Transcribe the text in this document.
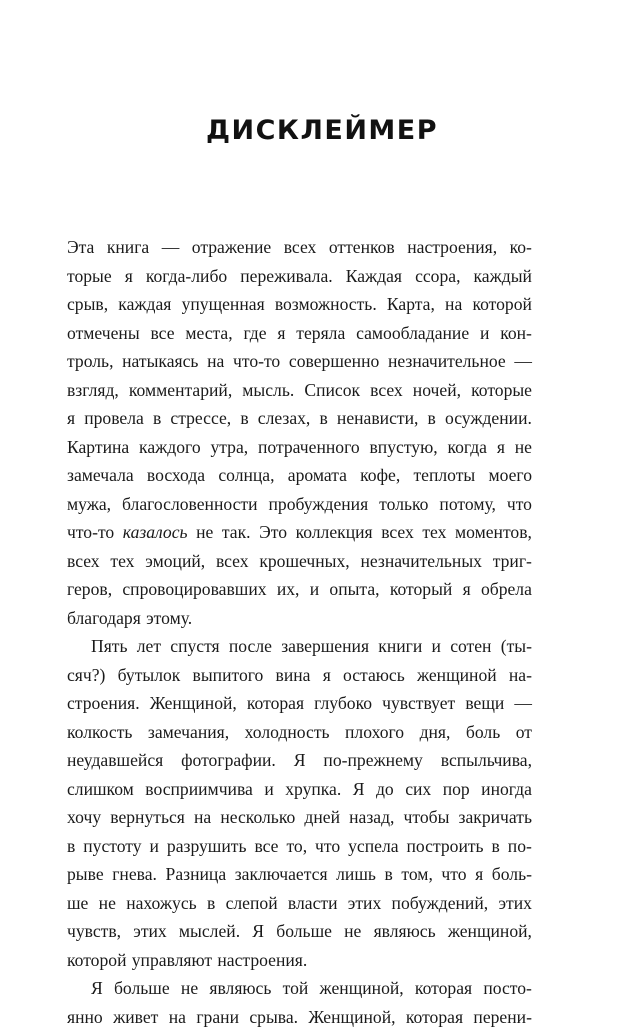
ДИСКЛЕЙМЕР
Эта книга — отражение всех оттенков настроения, ко-
торые я когда-либо переживала. Каждая ссора, каждый
срыв, каждая упущенная возможность. Карта, на которой
отмечены все места, где я теряла самообладание и кон-
троль, натыкаясь на что-то совершенно незначительное —
взгляд, комментарий, мысль. Список всех ночей, которые
я провела в стрессе, в слезах, в ненависти, в осуждении.
Картина каждого утра, потраченного впустую, когда я не
замечала восхода солнца, аромата кофе, теплоты моего
мужа, благословенности пробуждения только потому, что
что-то казалось не так. Это коллекция всех тех моментов,
всех тех эмоций, всех крошечных, незначительных триг-
геров, спровоцировавших их, и опыта, который я обрела
благодаря этому.
Пять лет спустя после завершения книги и сотен (ты-
сяч?) бутылок выпитого вина я остаюсь женщиной на-
строения. Женщиной, которая глубоко чувствует вещи —
колкость замечания, холодность плохого дня, боль от
неудавшейся фотографии. Я по-прежнему вспыльчива,
слишком восприимчива и хрупка. Я до сих пор иногда
хочу вернуться на несколько дней назад, чтобы закричать
в пустоту и разрушить все то, что успела построить в по-
рыве гнева. Разница заключается лишь в том, что я боль-
ше не нахожусь в слепой власти этих побуждений, этих
чувств, этих мыслей. Я больше не являюсь женщиной,
которой управляют настроения.
Я больше не являюсь той женщиной, которая посто-
янно живет на грани срыва. Женщиной, которая перени-
